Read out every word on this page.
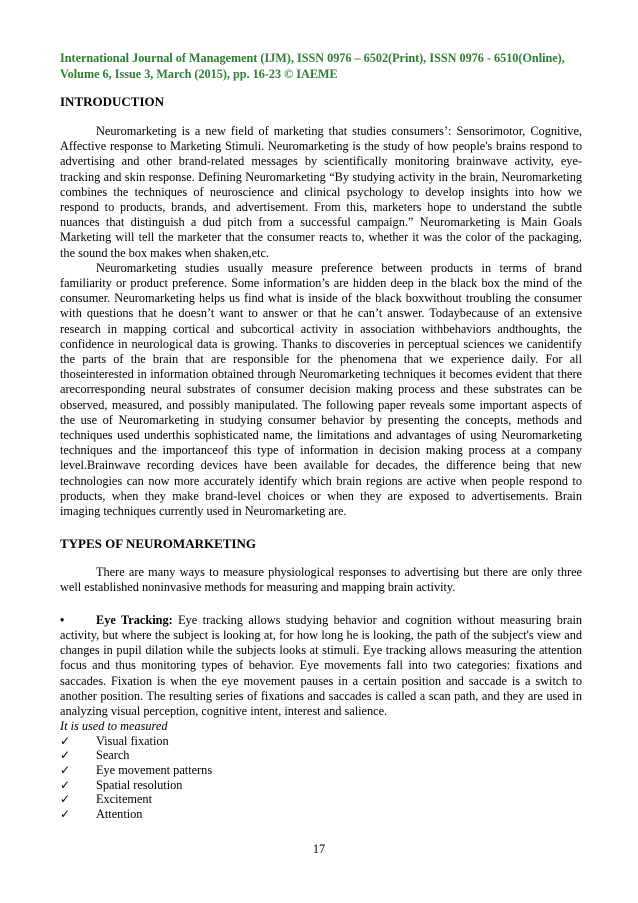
International Journal of Management (IJM), ISSN 0976 – 6502(Print), ISSN 0976 - 6510(Online),
Volume 6, Issue 3, March (2015), pp. 16-23 © IAEME
INTRODUCTION

Neuromarketing is a new field of marketing that studies consumers’: Sensorimotor, Cognitive, Affective response to Marketing Stimuli. Neuromarketing is the study of how people's brains respond to advertising and other brand-related messages by scientifically monitoring brainwave activity, eye-tracking and skin response. Defining Neuromarketing “By studying activity in the brain, Neuromarketing combines the techniques of neuroscience and clinical psychology to develop insights into how we respond to products, brands, and advertisement. From this, marketers hope to understand the subtle nuances that distinguish a dud pitch from a successful campaign.” Neuromarketing is Main Goals Marketing will tell the marketer that the consumer reacts to, whether it was the color of the packaging, the sound the box makes when shaken,etc.

Neuromarketing studies usually measure preference between products in terms of brand familiarity or product preference. Some information’s are hidden deep in the black box the mind of the consumer. Neuromarketing helps us find what is inside of the black boxwithout troubling the consumer with questions that he doesn’t want to answer or that he can’t answer. Todaybecause of an extensive research in mapping cortical and subcortical activity in association withbehaviors andthoughts, the confidence in neurological data is growing. Thanks to discoveries in perceptual sciences we canidentify the parts of the brain that are responsible for the phenomena that we experience daily. For all thoseinterested in information obtained through Neuromarketing techniques it becomes evident that there arecorresponding neural substrates of consumer decision making process and these substrates can be observed, measured, and possibly manipulated. The following paper reveals some important aspects of the use of Neuromarketing in studying consumer behavior by presenting the concepts, methods and techniques used underthis sophisticated name, the limitations and advantages of using Neuromarketing techniques and the importanceof this type of information in decision making process at a company level.Brainwave recording devices have been available for decades, the difference being that new technologies can now more accurately identify which brain regions are active when people respond to products, when they make brand-level choices or when they are exposed to advertisements. Brain imaging techniques currently used in Neuromarketing are.

TYPES OF NEUROMARKETING

There are many ways to measure physiological responses to advertising but there are only three well established noninvasive methods for measuring and mapping brain activity.

•	Eye Tracking: Eye tracking allows studying behavior and cognition without measuring brain activity, but where the subject is looking at, for how long he is looking, the path of the subject's view and changes in pupil dilation while the subjects looks at stimuli. Eye tracking allows measuring the attention focus and thus monitoring types of behavior. Eye movements fall into two categories: fixations and saccades. Fixation is when the eye movement pauses in a certain position and saccade is a switch to another position. The resulting series of fixations and saccades is called a scan path, and they are used in analyzing visual perception, cognitive intent, interest and salience.

It is used to measured

✓	Visual fixation
✓	Search
✓	Eye movement patterns
✓	Spatial resolution
✓	Excitement
✓	Attention
17
